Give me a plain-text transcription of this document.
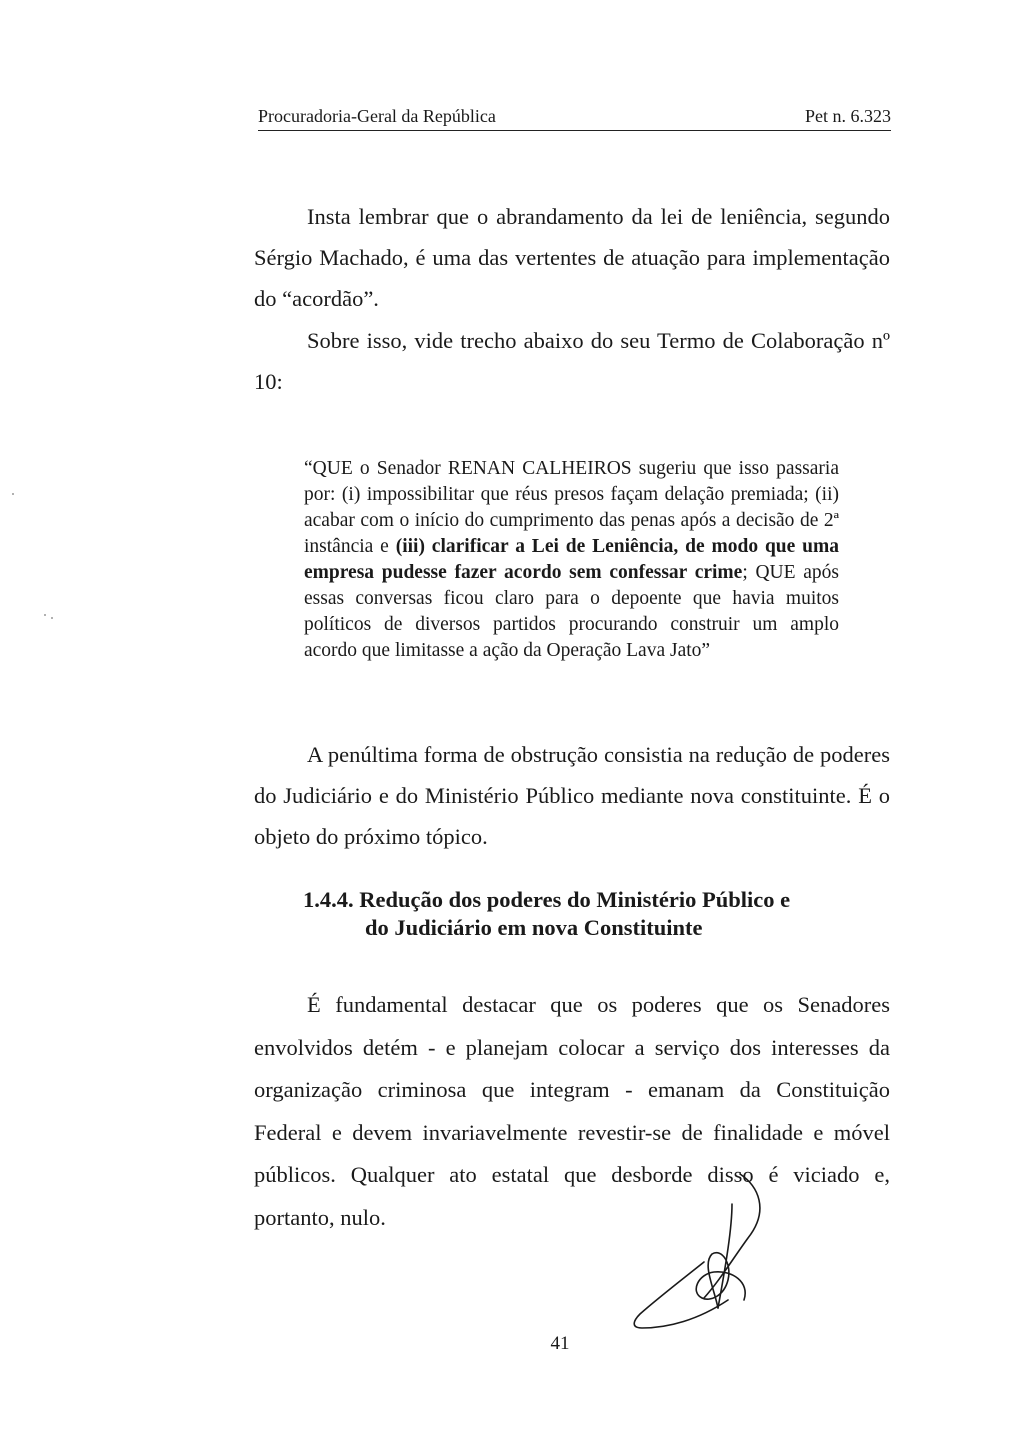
Procuradoria-Geral da República	Pet n. 6.323

Insta lembrar que o abrandamento da lei de leniência, segundo Sérgio Machado, é uma das vertentes de atuação para implementação do “acordão”.

Sobre isso, vide trecho abaixo do seu Termo de Colaboração nº 10:

“QUE o Senador RENAN CALHEIROS sugeriu que isso passaria por: (i) impossibilitar que réus presos façam delação premiada; (ii) acabar com o início do cumprimento das penas após a decisão de 2ª instância e (iii) clarificar a Lei de Leniência, de modo que uma empresa pudesse fazer acordo sem confessar crime; QUE após essas conversas ficou claro para o depoente que havia muitos políticos de diversos partidos procurando construir um amplo acordo que limitasse a ação da Operação Lava Jato”

A penúltima forma de obstrução consistia na redução de poderes do Judiciário e do Ministério Público mediante nova constituinte. É o objeto do próximo tópico.

1.4.4. Redução dos poderes do Ministério Público e
do Judiciário em nova Constituinte

É fundamental destacar que os poderes que os Senadores envolvidos detém - e planejam colocar a serviço dos interesses da organização criminosa que integram - emanam da Constituição Federal e devem invariavelmente revestir-se de finalidade e móvel públicos. Qualquer ato estatal que desborde disso é viciado e, portanto, nulo.

41
